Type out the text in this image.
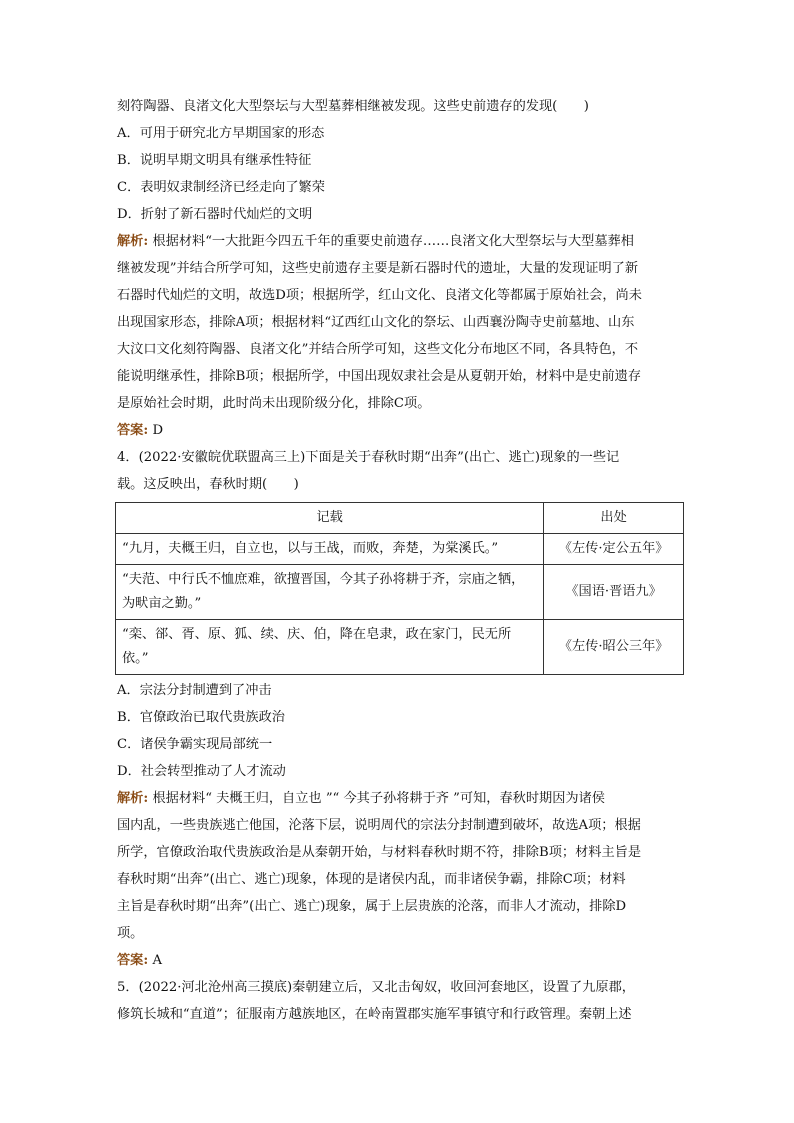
刻符陶器、良渚文化大型祭坛与大型墓葬相继被发现。这些史前遗存的发现(　　)
A．可用于研究北方早期国家的形态
B．说明早期文明具有继承性特征
C．表明奴隶制经济已经走向了繁荣
D．折射了新石器时代灿烂的文明
解析: 根据材料“一大批距今四五千年的重要史前遗存……良渚文化大型祭坛与大型墓葬相
继被发现”并结合所学可知，这些史前遗存主要是新石器时代的遗址，大量的发现证明了新
石器时代灿烂的文明，故选D项；根据所学，红山文化、良渚文化等都属于原始社会，尚未
出现国家形态，排除A项；根据材料“辽西红山文化的祭坛、山西襄汾陶寺史前墓地、山东
大汶口文化刻符陶器、良渚文化”并结合所学可知，这些文化分布地区不同，各具特色，不
能说明继承性，排除B项；根据所学，中国出现奴隶社会是从夏朝开始，材料中是史前遗存
是原始社会时期，此时尚未出现阶级分化，排除C项。
答案: D
4．(2022·安徽皖优联盟高三上)下面是关于春秋时期“出奔”(出亡、逃亡)现象的一些记
载。这反映出，春秋时期(　　)
记载	出处
“九月，夫概王归，自立也，以与王战，而败，奔楚，为棠溪氏。”	《左传·定公五年》
“夫范、中行氏不恤庶难，欲擅晋国，今其子孙将耕于齐，宗庙之牺，为畎亩之勤。”	《国语·晋语九》
“栾、郤、胥、原、狐、续、庆、伯，降在皂隶，政在家门，民无所依。”	《左传·昭公三年》
A．宗法分封制遭到了冲击
B．官僚政治已取代贵族政治
C．诸侯争霸实现局部统一
D．社会转型推动了人才流动
解析: 根据材料“ 夫概王归，自立也 ”“ 今其子孙将耕于齐 ”可知，春秋时期因为诸侯
国内乱，一些贵族逃亡他国，沦落下层，说明周代的宗法分封制遭到破坏，故选A项；根据
所学，官僚政治取代贵族政治是从秦朝开始，与材料春秋时期不符，排除B项；材料主旨是
春秋时期“出奔”(出亡、逃亡)现象，体现的是诸侯内乱，而非诸侯争霸，排除C项；材料
主旨是春秋时期“出奔”(出亡、逃亡)现象，属于上层贵族的沦落，而非人才流动，排除D
项。
答案: A
5．(2022·河北沧州高三摸底)秦朝建立后，又北击匈奴，收回河套地区，设置了九原郡，
修筑长城和“直道”；征服南方越族地区，在岭南置郡实施军事镇守和行政管理。秦朝上述
